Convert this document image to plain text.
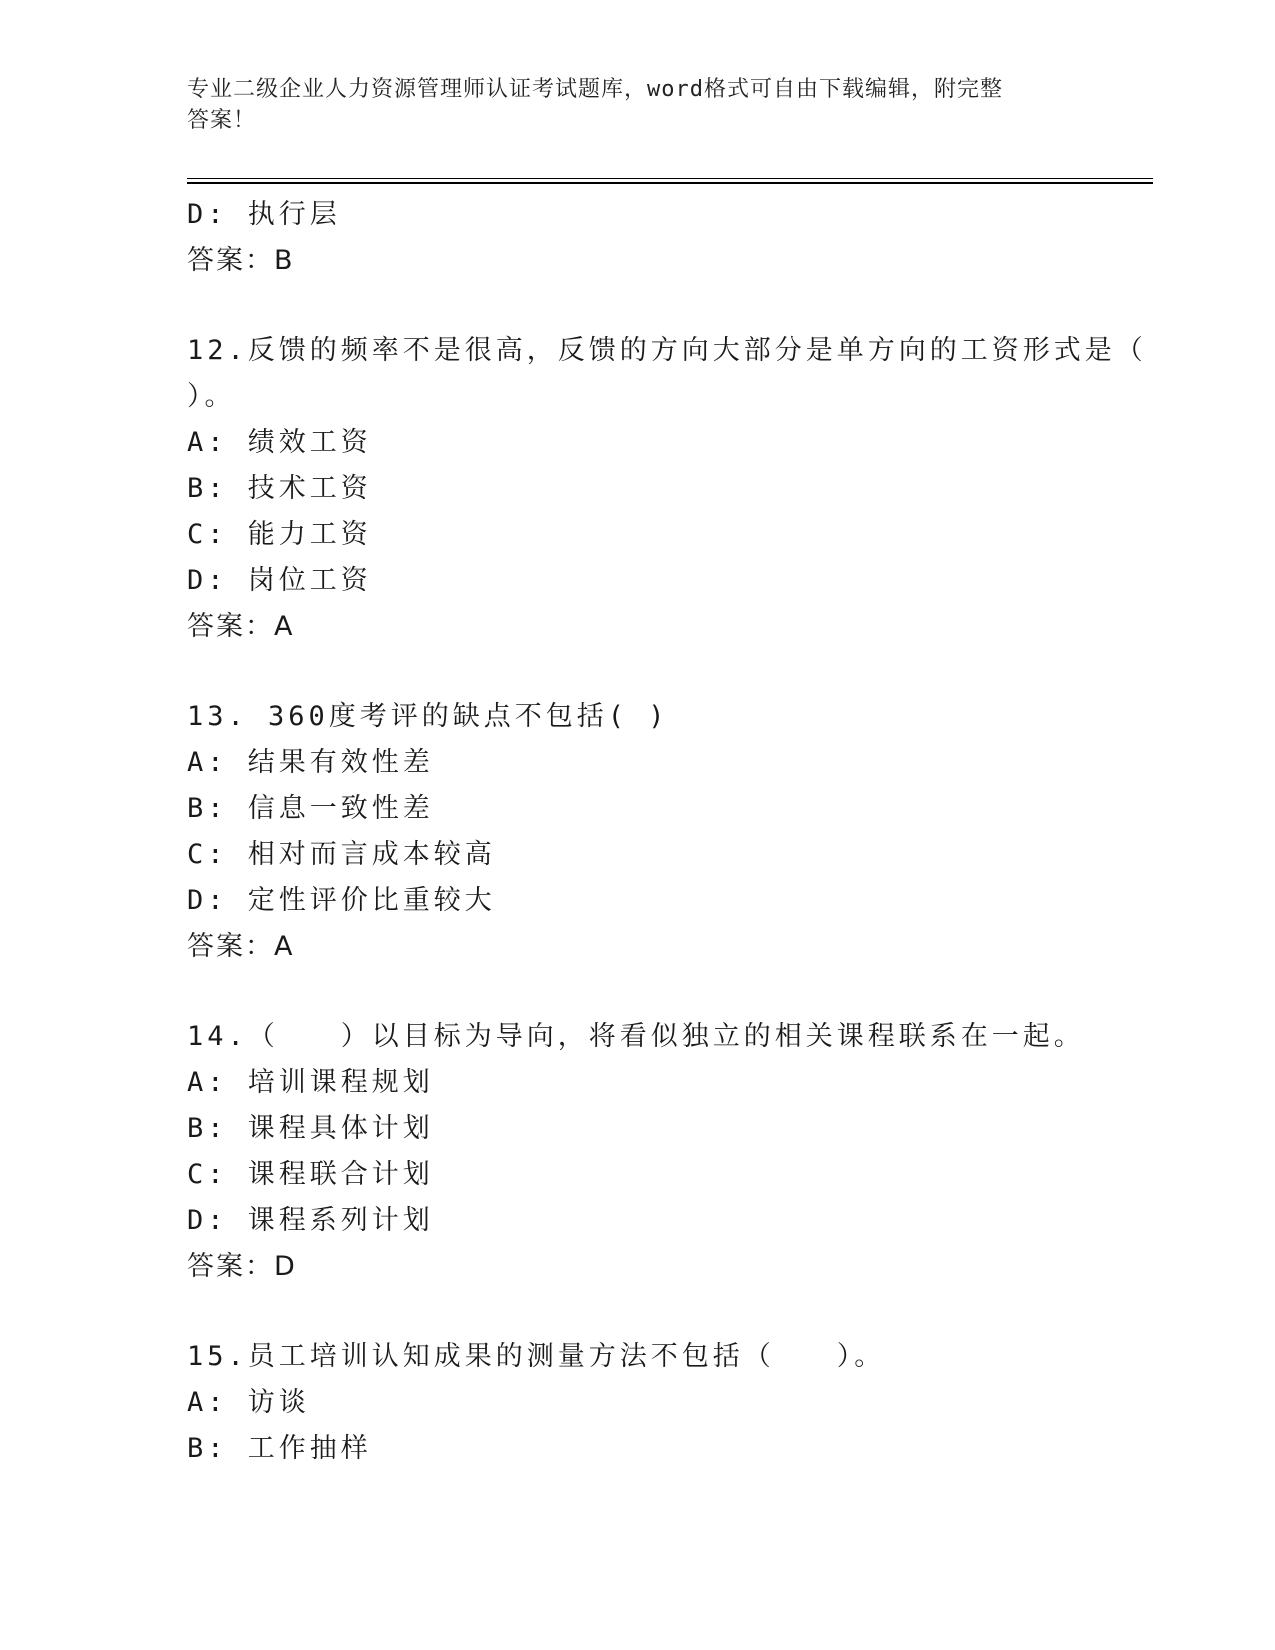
专业二级企业人力资源管理师认证考试题库，word格式可自由下载编辑，附完整
答案！
D: 执行层
答案：B
12.反馈的频率不是很高，反馈的方向大部分是单方向的工资形式是（
）。
A: 绩效工资
B: 技术工资
C: 能力工资
D: 岗位工资
答案：A
13. 360度考评的缺点不包括( )
A: 结果有效性差
B: 信息一致性差
C: 相对而言成本较高
D: 定性评价比重较大
答案：A
14.（　　）以目标为导向，将看似独立的相关课程联系在一起。
A: 培训课程规划
B: 课程具体计划
C: 课程联合计划
D: 课程系列计划
答案：D
15.员工培训认知成果的测量方法不包括（　　）。
A: 访谈
B: 工作抽样
